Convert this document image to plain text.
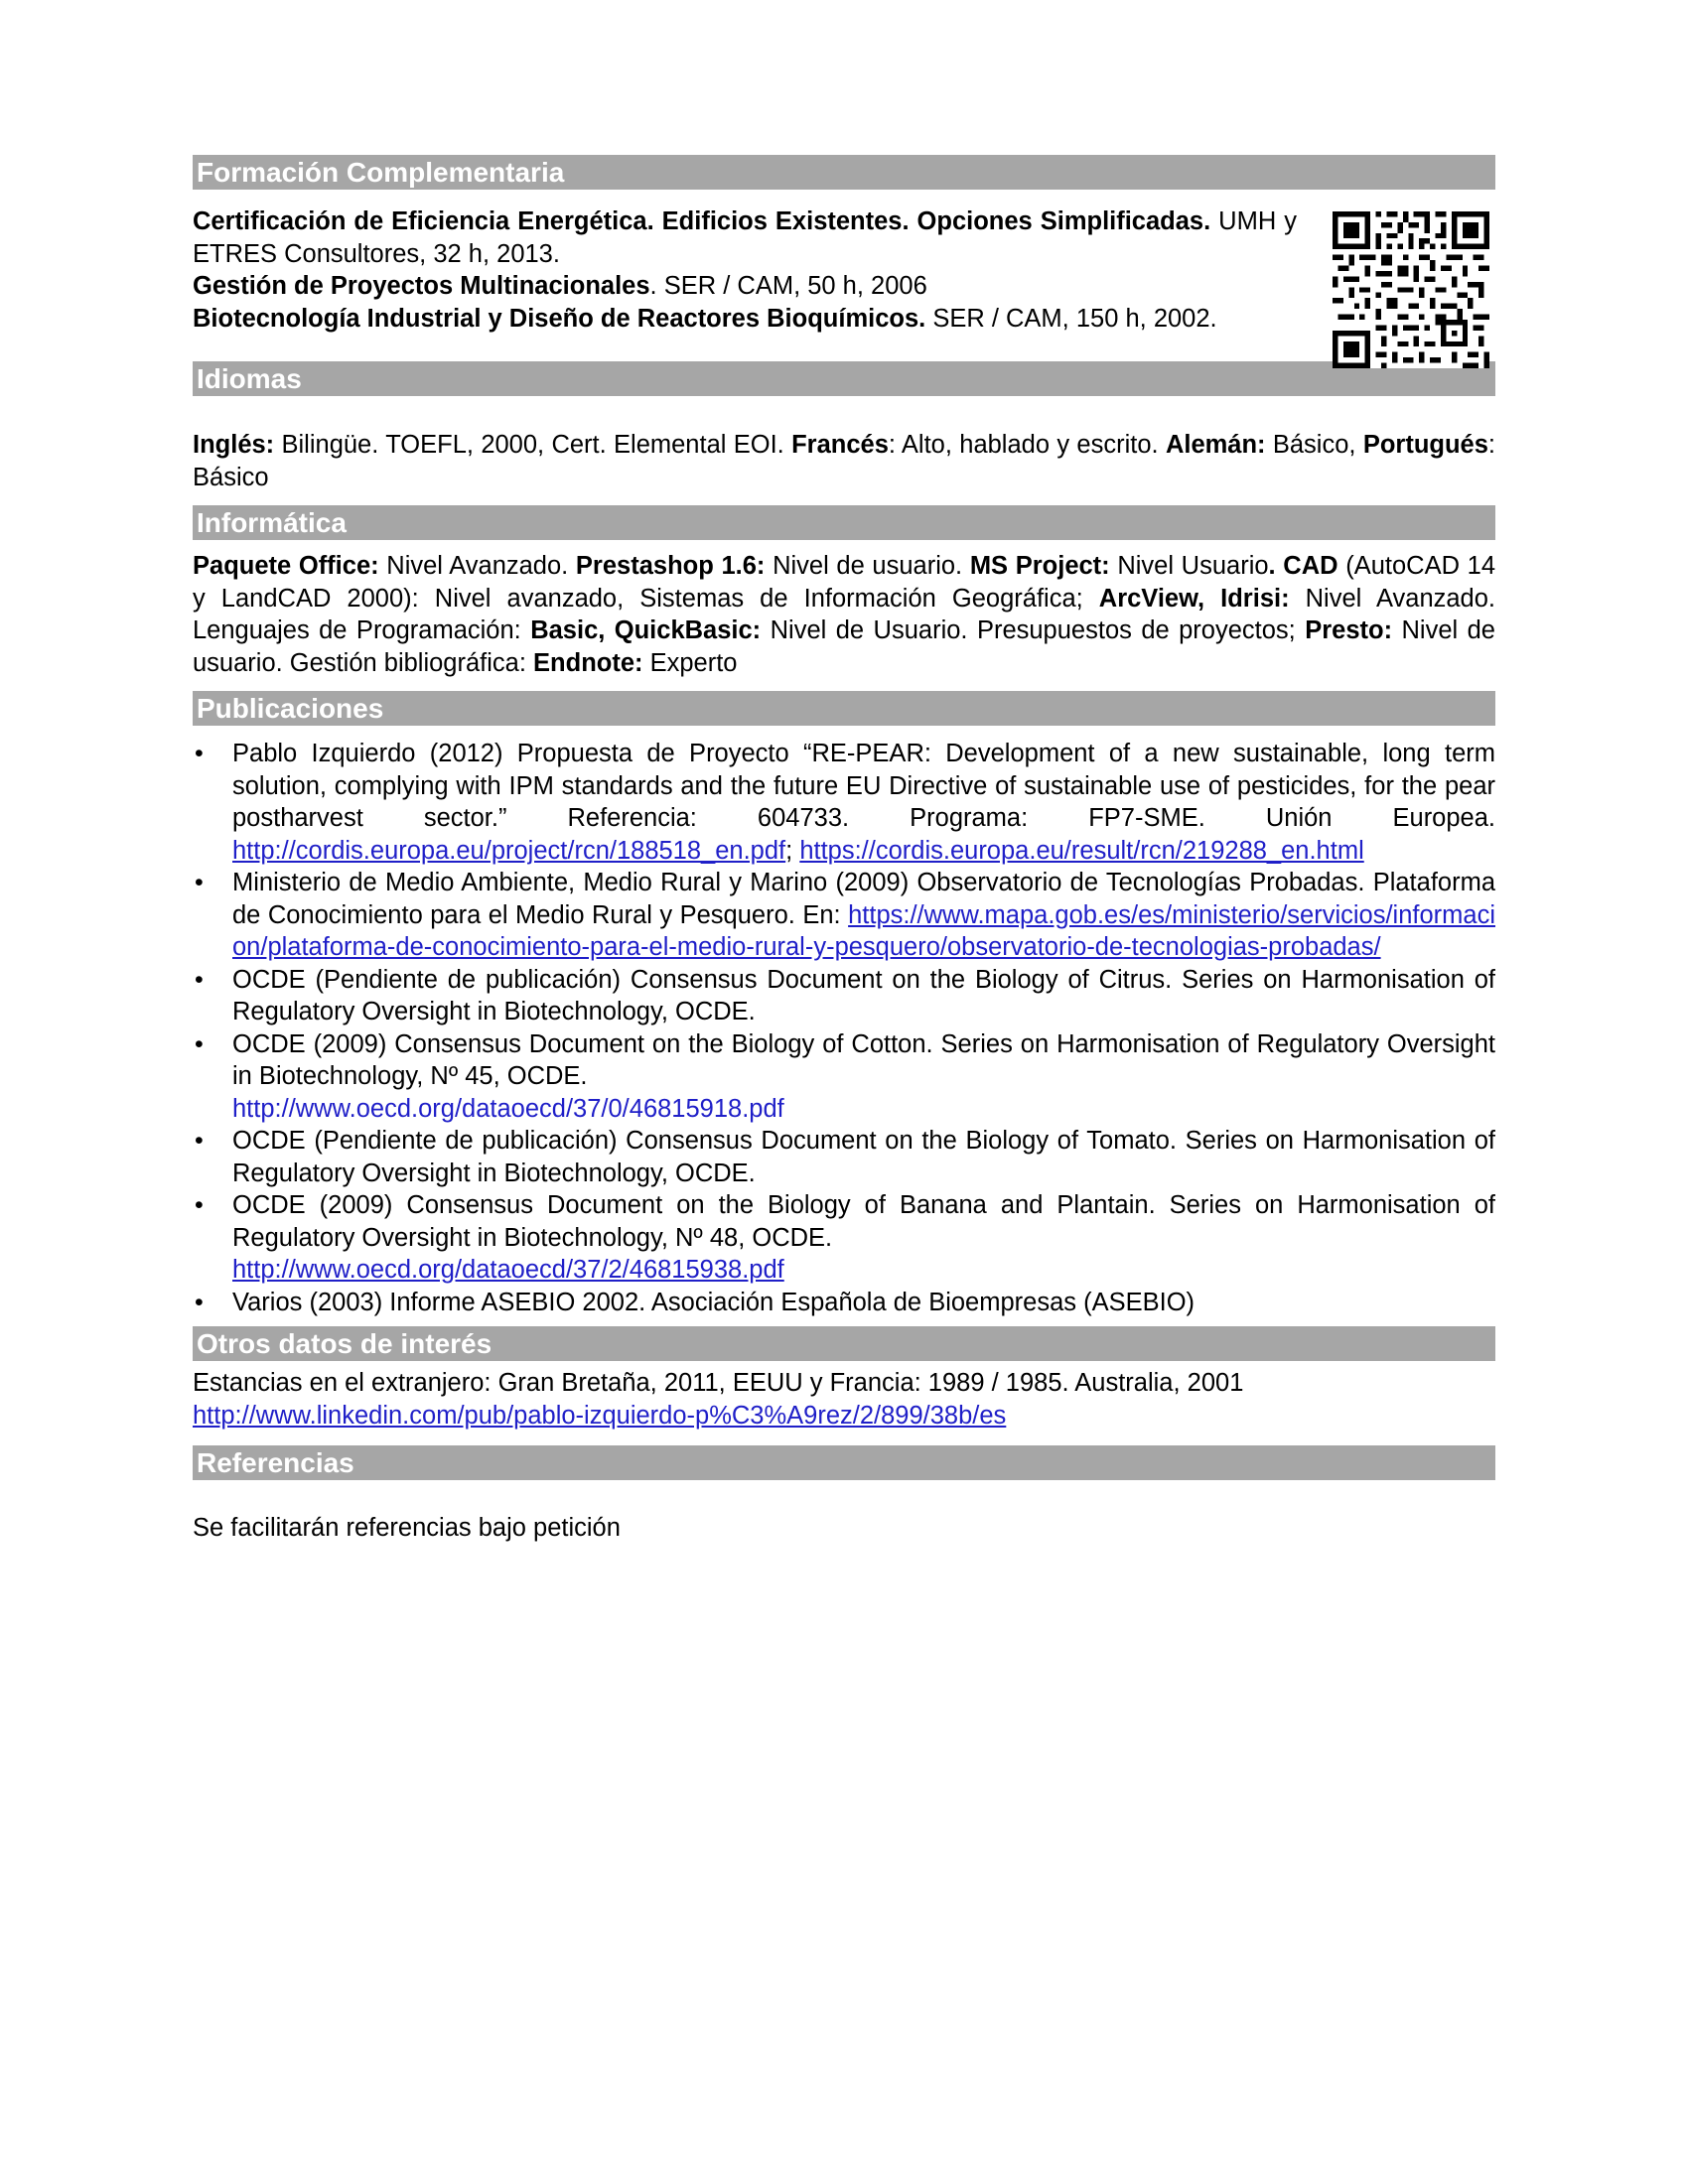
Formación Complementaria
Certificación de Eficiencia Energética. Edificios Existentes. Opciones Simplificadas. UMH y ETRES Consultores, 32 h, 2013.
Gestión de Proyectos Multinacionales. SER / CAM, 50 h, 2006
Biotecnología Industrial y Diseño de Reactores Bioquímicos. SER / CAM, 150 h, 2002.
Idiomas
Inglés: Bilingüe. TOEFL, 2000, Cert. Elemental EOI. Francés: Alto, hablado y escrito. Alemán: Básico, Portugués: Básico
Informática
Paquete Office: Nivel Avanzado. Prestashop 1.6: Nivel de usuario. MS Project: Nivel Usuario. CAD (AutoCAD 14 y LandCAD 2000): Nivel avanzado, Sistemas de Información Geográfica; ArcView, Idrisi: Nivel Avanzado. Lenguajes de Programación: Basic, QuickBasic: Nivel de Usuario. Presupuestos de proyectos; Presto: Nivel de usuario. Gestión bibliográfica: Endnote: Experto
Publicaciones
• Pablo Izquierdo (2012) Propuesta de Proyecto “RE-PEAR: Development of a new sustainable, long term solution, complying with IPM standards and the future EU Directive of sustainable use of pesticides, for the pear postharvest sector.” Referencia: 604733. Programa: FP7-SME. Unión Europea. http://cordis.europa.eu/project/rcn/188518_en.pdf; https://cordis.europa.eu/result/rcn/219288_en.html
• Ministerio de Medio Ambiente, Medio Rural y Marino (2009) Observatorio de Tecnologías Probadas. Plataforma de Conocimiento para el Medio Rural y Pesquero. En: https://www.mapa.gob.es/es/ministerio/servicios/informacion/plataforma-de-conocimiento-para-el-medio-rural-y-pesquero/observatorio-de-tecnologias-probadas/
• OCDE (Pendiente de publicación) Consensus Document on the Biology of Citrus. Series on Harmonisation of Regulatory Oversight in Biotechnology, OCDE.
• OCDE (2009) Consensus Document on the Biology of Cotton. Series on Harmonisation of Regulatory Oversight in Biotechnology, Nº 45, OCDE.
http://www.oecd.org/dataoecd/37/0/46815918.pdf
• OCDE (Pendiente de publicación) Consensus Document on the Biology of Tomato. Series on Harmonisation of Regulatory Oversight in Biotechnology, OCDE.
• OCDE (2009) Consensus Document on the Biology of Banana and Plantain. Series on Harmonisation of Regulatory Oversight in Biotechnology, Nº 48, OCDE.
http://www.oecd.org/dataoecd/37/2/46815938.pdf
• Varios (2003) Informe ASEBIO 2002. Asociación Española de Bioempresas (ASEBIO)
Otros datos de interés
Estancias en el extranjero: Gran Bretaña, 2011, EEUU y Francia: 1989 / 1985. Australia, 2001
http://www.linkedin.com/pub/pablo-izquierdo-p%C3%A9rez/2/899/38b/es
Referencias
Se facilitarán referencias bajo petición
